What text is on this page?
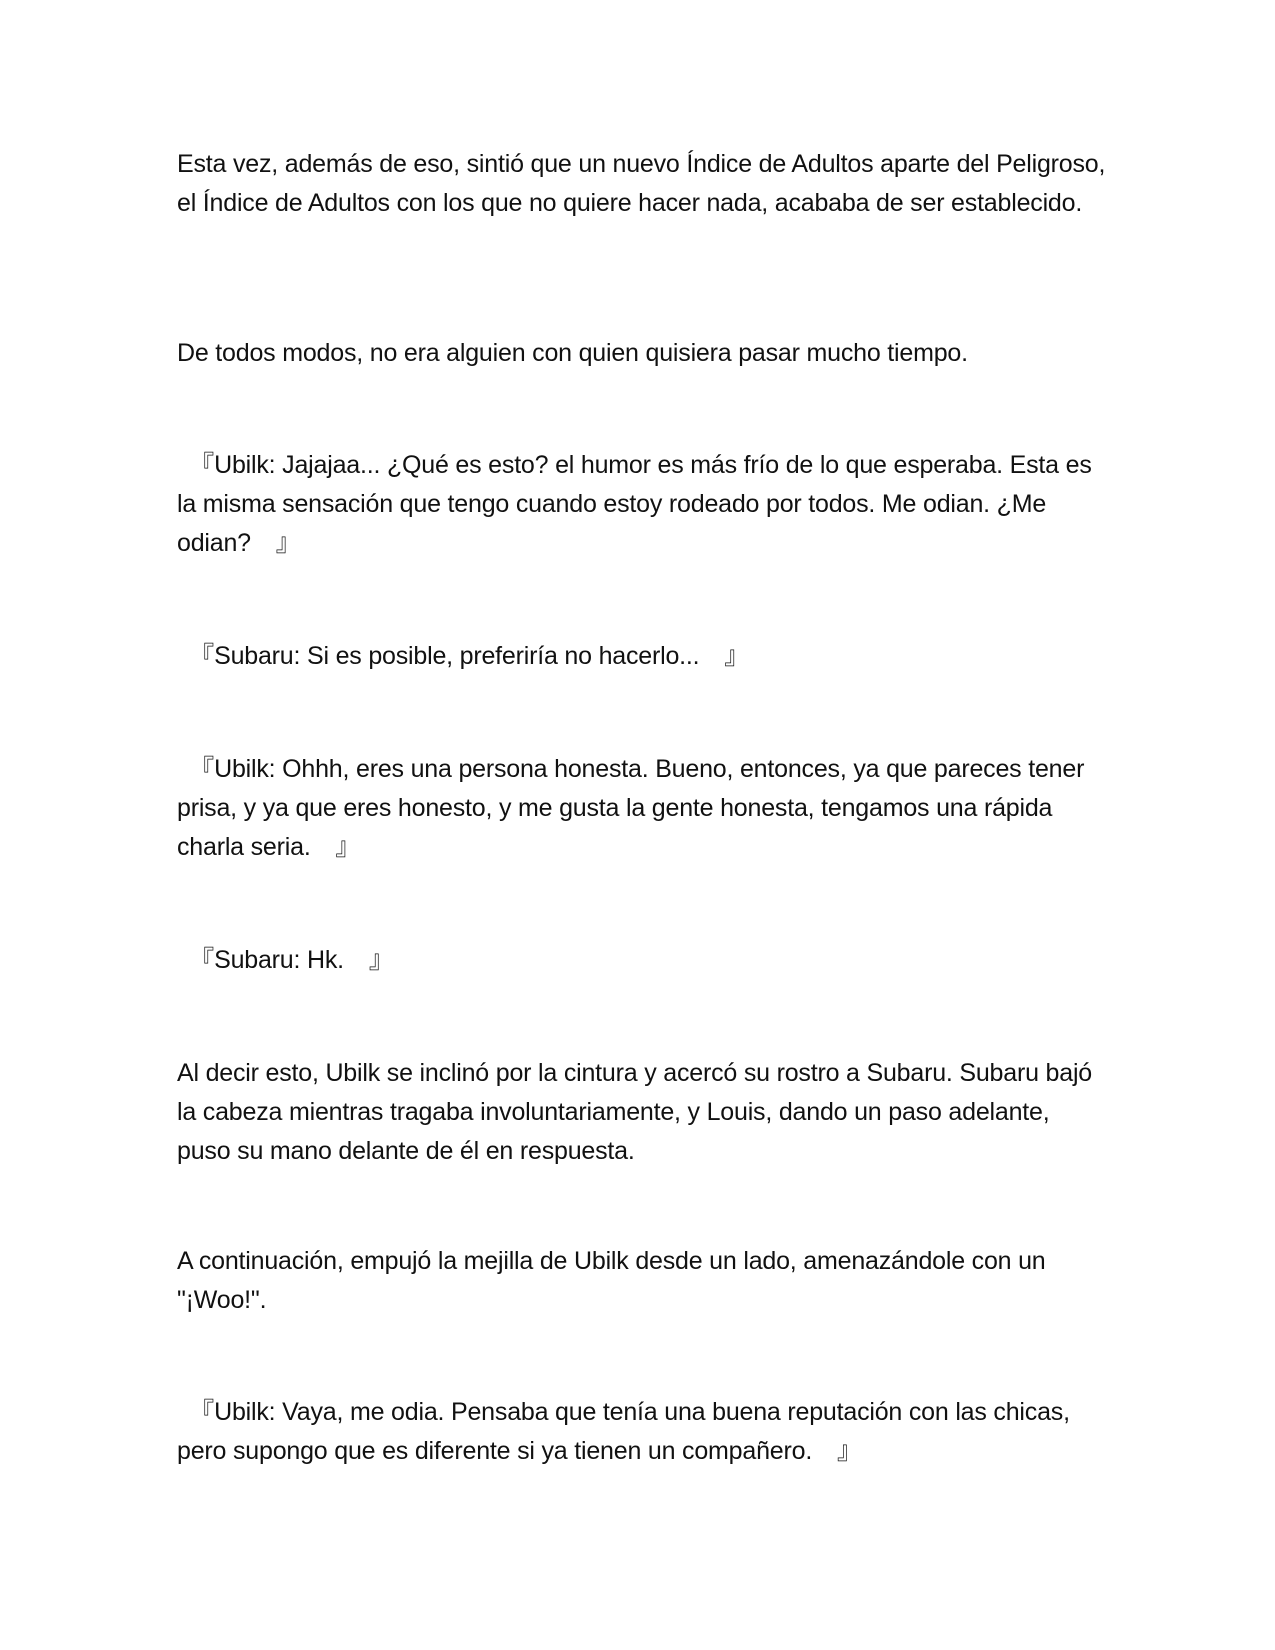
Esta vez, además de eso, sintió que un nuevo Índice de Adultos aparte del Peligroso, el Índice de Adultos con los que no quiere hacer nada, acababa de ser establecido.

De todos modos, no era alguien con quien quisiera pasar mucho tiempo.

　『Ubilk: Jajajaa... ¿Qué es esto? el humor es más frío de lo que esperaba. Esta es la misma sensación que tengo cuando estoy rodeado por todos. Me odian. ¿Me odian?　』

　『Subaru: Si es posible, preferiría no hacerlo...　』

　『Ubilk: Ohhh, eres una persona honesta. Bueno, entonces, ya que pareces tener prisa, y ya que eres honesto, y me gusta la gente honesta, tengamos una rápida charla seria.　』

　『Subaru: Hk.　』

Al decir esto, Ubilk se inclinó por la cintura y acercó su rostro a Subaru. Subaru bajó la cabeza mientras tragaba involuntariamente, y Louis, dando un paso adelante, puso su mano delante de él en respuesta.

A continuación, empujó la mejilla de Ubilk desde un lado, amenazándole con un "¡Woo!".

　『Ubilk: Vaya, me odia. Pensaba que tenía una buena reputación con las chicas, pero supongo que es diferente si ya tienen un compañero.　』
